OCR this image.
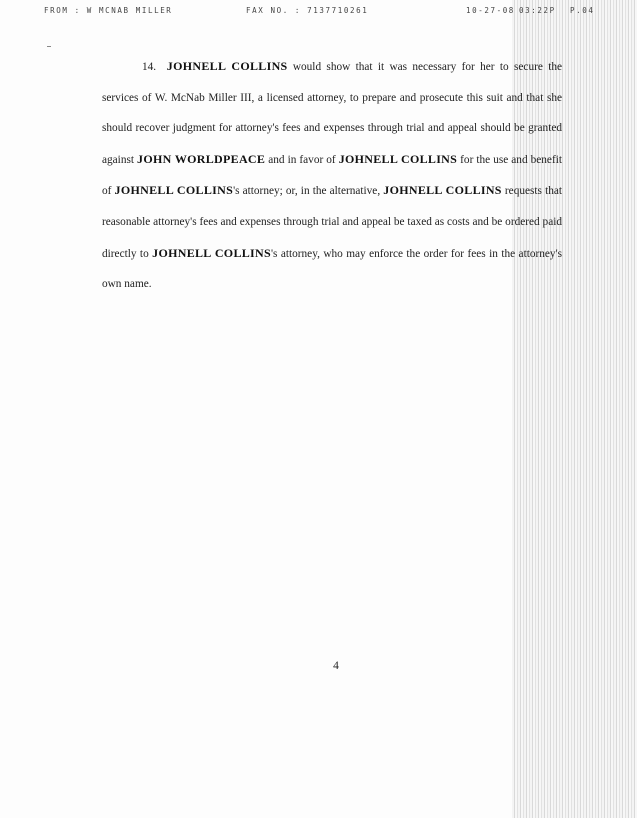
FROM : W MCNAB MILLER	FAX NO. : 7137710261	10-27-08 03:22P P.04

14. JOHNELL COLLINS would show that it was necessary for her to secure the services of W. McNab Miller III, a licensed attorney, to prepare and prosecute this suit and that she should recover judgment for attorney's fees and expenses through trial and appeal should be granted against JOHN WORLDPEACE and in favor of JOHNELL COLLINS for the use and benefit of JOHNELL COLLINS's attorney; or, in the alternative, JOHNELL COLLINS requests that reasonable attorney's fees and expenses through trial and appeal be taxed as costs and be ordered paid directly to JOHNELL COLLINS's attorney, who may enforce the order for fees in the attorney's own name.

4
